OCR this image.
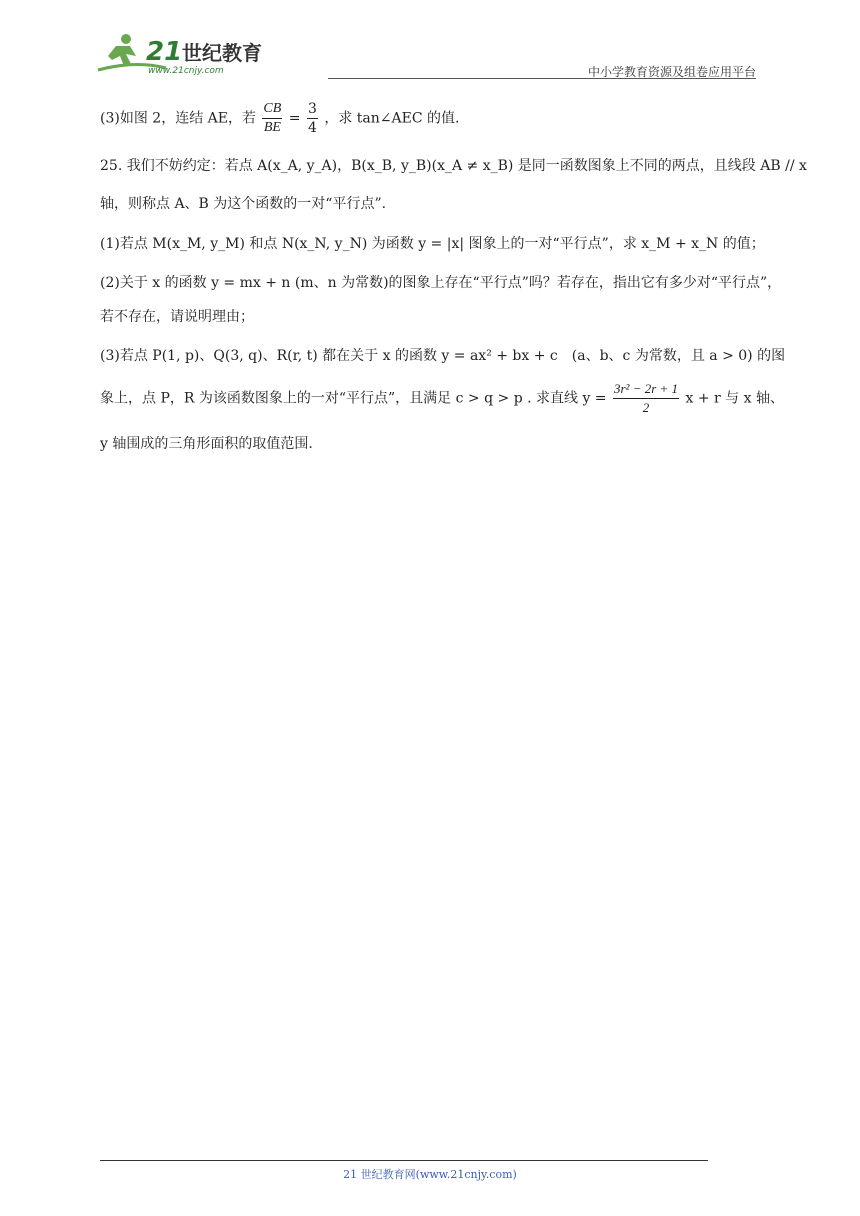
21 世纪教育
www.21cnjy.com	中小学教育资源及组卷应用平台
(3)如图 2，连结 AE，若 $\frac{CB}{BE} = \frac{3}{4}$ ，求 tan∠AEC 的值.
25. 我们不妨约定：若点 A(x_A, y_A)，B(x_B, y_B)(x_A ≠ x_B) 是同一函数图象上不同的两点，且线段 AB // x
轴，则称点 A、B 为这个函数的一对“平行点”.
(1)若点 M(x_M, y_M) 和点 N(x_N, y_N) 为函数 y = |x| 图象上的一对“平行点”，求 x_M + x_N 的值；
(2)关于 x 的函数 y = mx + n (m、n 为常数)的图象上存在“平行点”吗？若存在，指出它有多少对“平行点”，
若不存在，请说明理由；
(3)若点 P(1, p)、Q(3, q)、R(r, t) 都在关于 x 的函数 y = ax² + bx + c　(a、b、c 为常数，且 a > 0) 的图
象上，点 P，R 为该函数图象上的一对“平行点”，且满足 c > q > p . 求直线 $y = \frac{\text{3r² − 2r + 1}}{2}$ x + r 与 x 轴、
y 轴围成的三角形面积的取值范围.
21 世纪教育网(www.21cnjy.com)
